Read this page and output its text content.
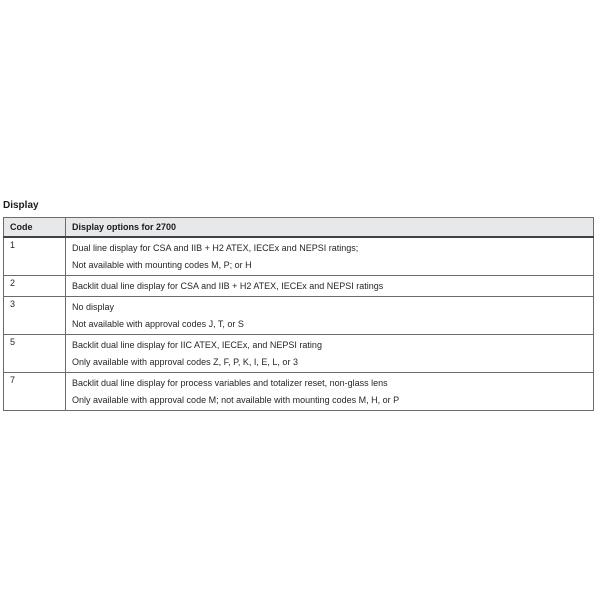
Display
Code	Display options for 2700
1	Dual line display for CSA and IIB + H2 ATEX, IECEx and NEPSI ratings;
Not available with mounting codes M, P; or H

2	Backlit dual line display for CSA and IIB + H2 ATEX, IECEx and NEPSI ratings

3	No display
Not available with approval codes J, T, or S

5	Backlit dual line display for IIC ATEX, IECEx, and NEPSI rating
Only available with approval codes Z, F, P, K, I, E, L, or 3

7	Backlit dual line display for process variables and totalizer reset, non-glass lens
Only available with approval code M; not available with mounting codes M, H, or P
